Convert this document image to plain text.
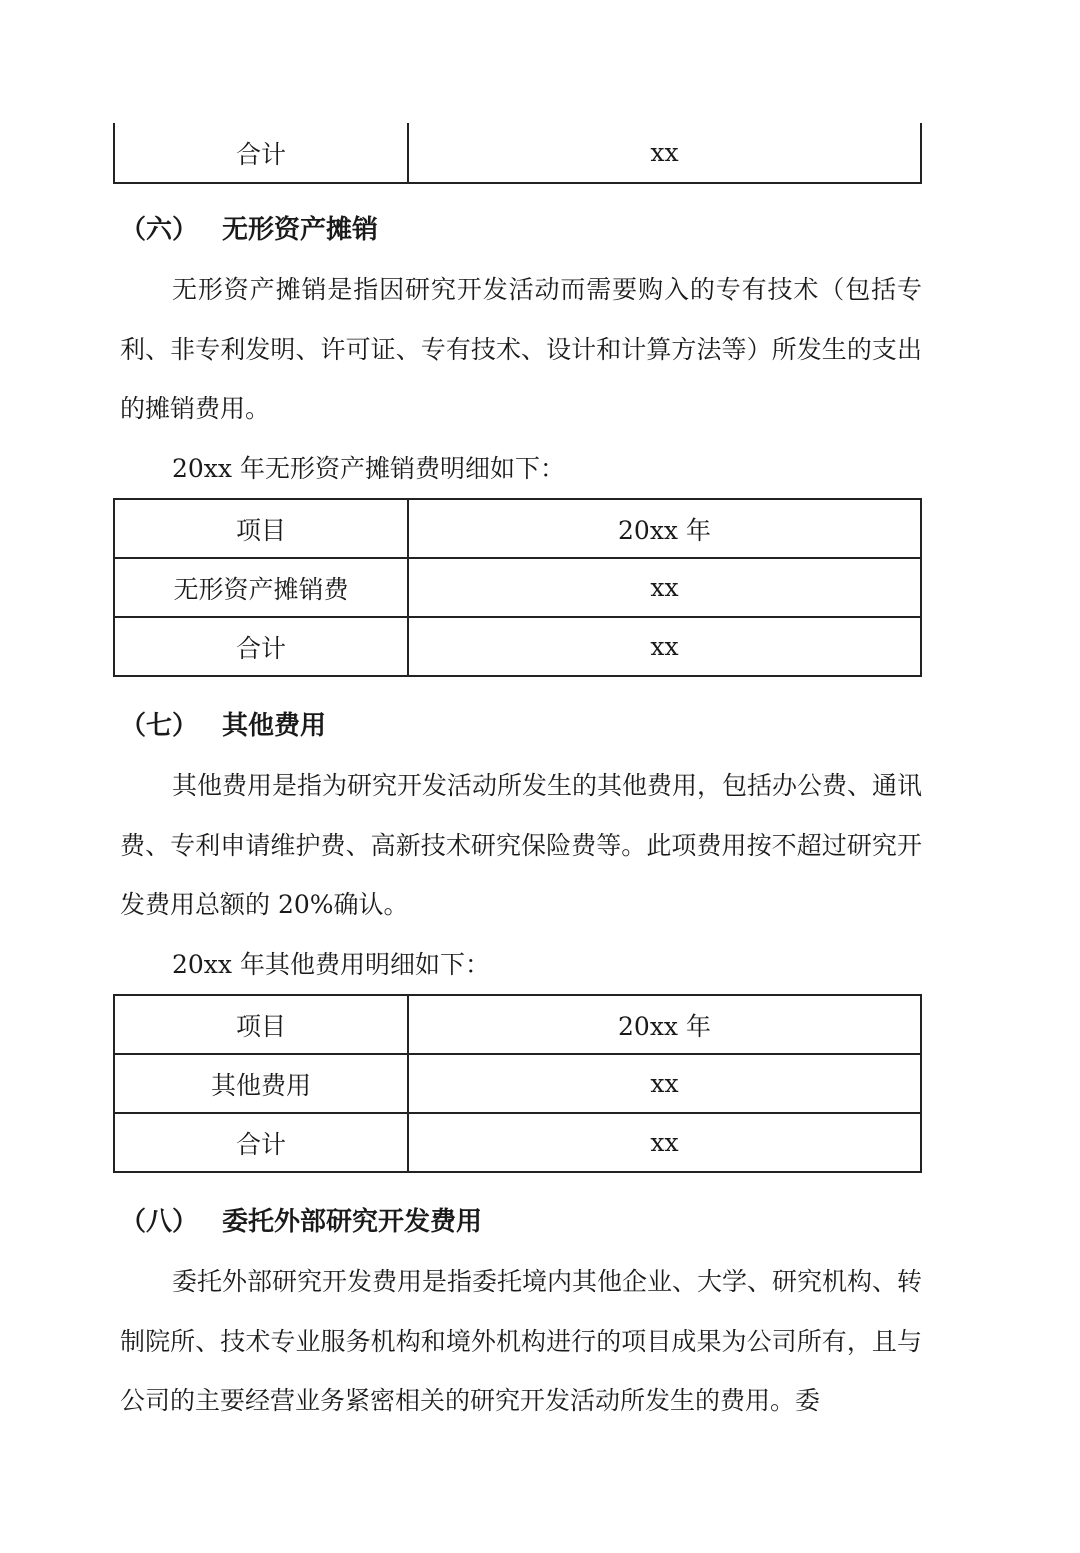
合计	xx
（六） 无形资产摊销
无形资产摊销是指因研究开发活动而需要购入的专有技术（包括专利、非专利发明、许可证、专有技术、设计和计算方法等）所发生的支出的摊销费用。
20xx 年无形资产摊销费明细如下：
项目	20xx 年
无形资产摊销费	xx
合计	xx
（七） 其他费用
其他费用是指为研究开发活动所发生的其他费用，包括办公费、通讯费、专利申请维护费、高新技术研究保险费等。此项费用按不超过研究开发费用总额的 20%确认。
20xx 年其他费用明细如下：
项目	20xx 年
其他费用	xx
合计	xx
（八） 委托外部研究开发费用
委托外部研究开发费用是指委托境内其他企业、大学、研究机构、转制院所、技术专业服务机构和境外机构进行的项目成果为公司所有，且与公司的主要经营业务紧密相关的研究开发活动所发生的费用。委
